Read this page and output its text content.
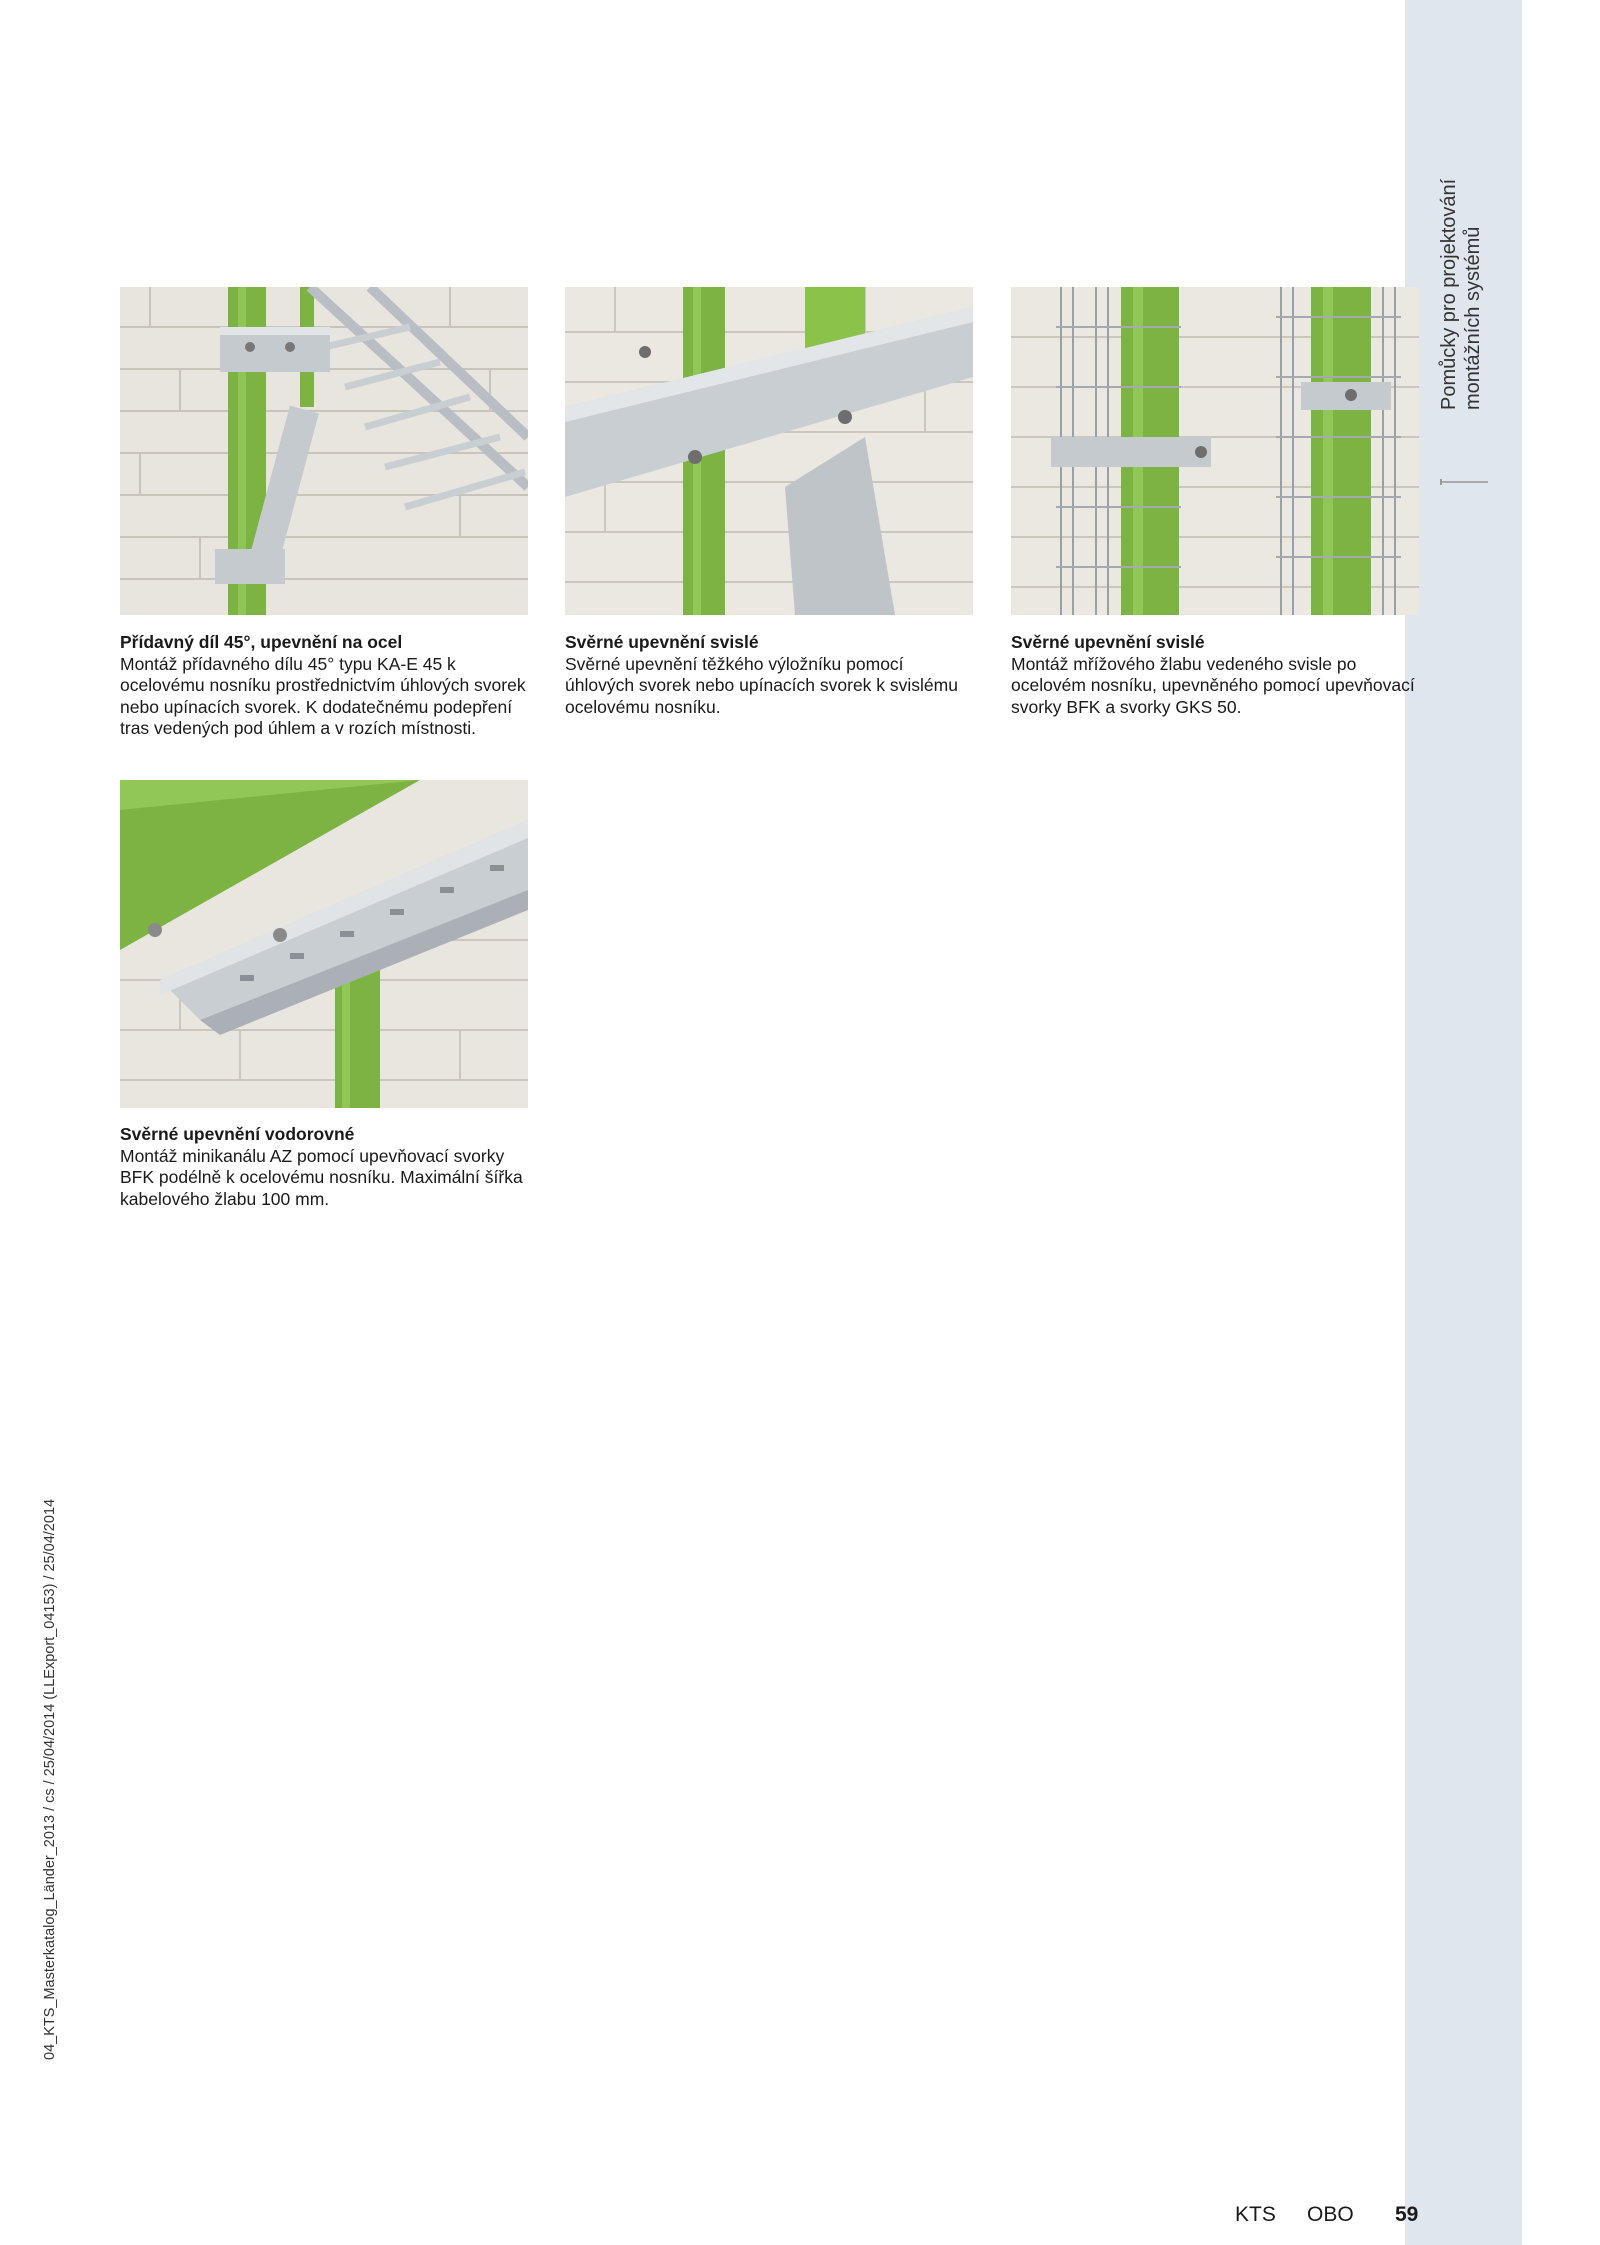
Pomůcky pro projektování montážních systémů
Přídavný díl 45°, upevnění na ocel
Montáž přídavného dílu 45° typu KA-E 45 k ocelovému nosníku prostřednictvím úhlových svorek nebo upínacích svorek. K dodatečnému podepření tras vedených pod úhlem a v rozích místnosti.
Svěrné upevnění svislé
Svěrné upevnění těžkého výložníku pomocí úhlových svorek nebo upínacích svorek k svislému ocelovému nosníku.
Svěrné upevnění svislé
Montáž mřížového žlabu vedeného svisle po ocelovém nosníku, upevněného pomocí upevňovací svorky BFK a svorky GKS 50.
Svěrné upevnění vodorovné
Montáž minikanálu AZ pomocí upevňovací svorky BFK podélně k ocelovému nosníku. Maximální šířka kabelového žlabu 100 mm.
04_KTS_Masterkatalog_Länder_2013 / cs / 25/04/2014 (LLExport_04153) / 25/04/2014
KTS OBO 59
